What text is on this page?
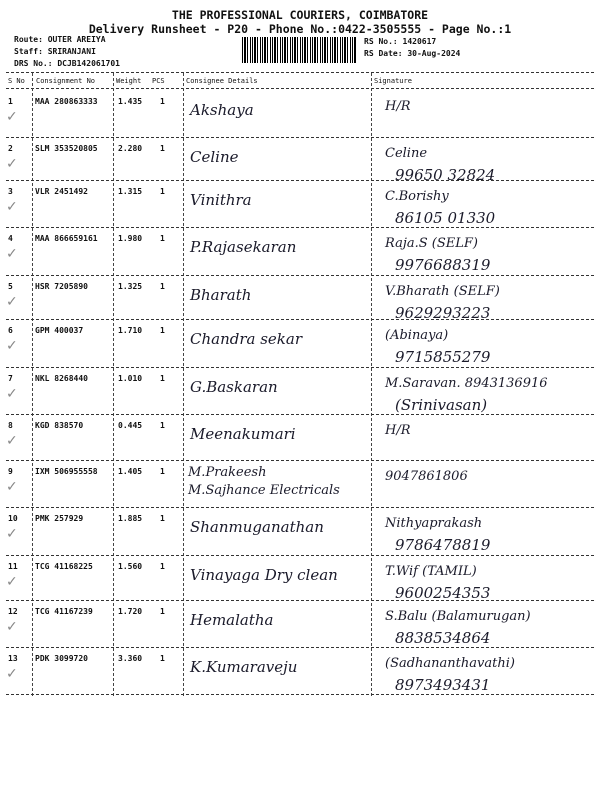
THE PROFESSIONAL COURIERS, COIMBATORE
Delivery Runsheet - P20 - Phone No.:0422-3505555 - Page No.:1
Route: OUTER AREIYA
Staff: SRIRANJANI
DRS No.: DCJB142061701
RS No.: 1420617
RS Date: 30-Aug-2024
S No Consignment No	Weight PCS	Consignee Details	Signature
1	MAA 280863333	1.435 1 Akshaya	H/R
✓
2	SLM 353520805	2.280 1 Celine	Celine
99650 32824
✓
3	VLR 2451492	1.315 1 Vinithra	C.Borishy
86105 01330
✓
4	MAA 866659161	1.980 1 P.Rajasekaran	Raja.S (SELF)
9976688319
✓
5	HSR 7205890	1.325 1 Bharath	V.Bharath (SELF)
9629293223
✓
6	GPM 400037	1.710 1 Chandra sekar	(Abinaya)
9715855279
✓
7	NKL 8268440	1.010 1 G.Baskaran	M.Saravan. 8943136916
(Srinivasan)
✓
8	KGD 838570	0.445 1 Meenakumari	H/R
✓
9	IXM 506955558	1.405 1 M.Prakeesh
M.Sajhance Electricals
9047861806
✓
10 PMK 257929	1.885 1 Shanmuganathan	Nithyaprakash
9786478819
✓
11 TCG 41168225	1.560 1 Vinayaga Dry clean	T.Wif (TAMIL)
9600254353
✓
12 TCG 41167239	1.720 1 Hemalatha	S.Balu (Balamurugan)
8838534864
✓
13 PDK 3099720	3.360 1 K.Kumaraveju	(Sadhananthavathi)
8973493431
✓
